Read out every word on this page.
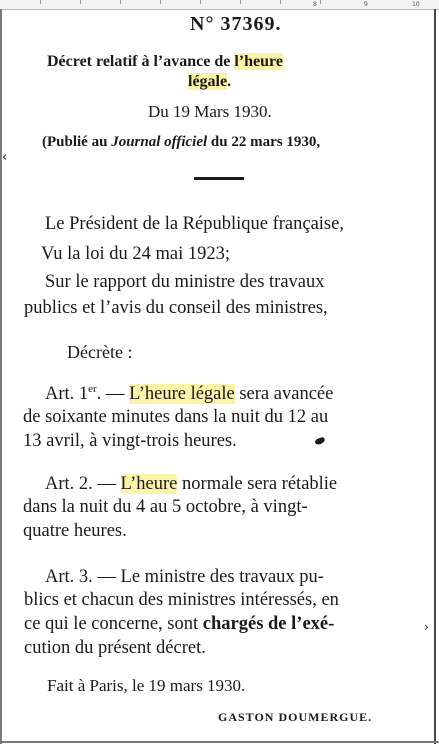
8	9	10
‹
›
N° 37369.
Décret relatif à l’avance de l’heure
légale.
Du 19 Mars 1930.
(Publié au Journal officiel du 22 mars 1930,
Le Président de la République française,
Vu la loi du 24 mai 1923;
Sur le rapport du ministre des travaux
publics et l’avis du conseil des ministres,
Décrète :
Art. 1er. — L’heure légale sera avancée
de soixante minutes dans la nuit du 12 au
13 avril, à vingt-trois heures.
Art. 2. — L’heure normale sera rétablie
dans la nuit du 4 au 5 octobre, à vingt-
quatre heures.
Art. 3. — Le ministre des travaux pu-
blics et chacun des ministres intéressés, en
ce qui le concerne, sont chargés de l’exé-
cution du présent décret.
Fait à Paris, le 19 mars 1930.
GASTON DOUMERGUE.
